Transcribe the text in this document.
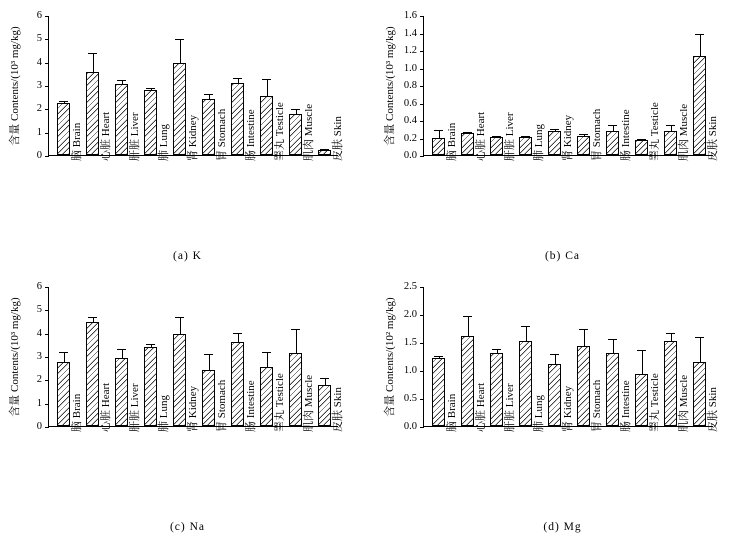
含量 Contents/(10³ mg/kg)
0
1
2
3
4
5
6
脑 Brain 心脏 Heart 肝脏 Liver 肺 Lung 肾 Kidney 胃 Stomach 肠 Intestine 睾丸 Testicle 肌肉 Muscle 皮肤 Skin
(a) K
含量 Contents/(10³ mg/kg)
0.0
0.2
0.4
0.6
0.8
1.0
1.2
1.4
1.6
脑 Brain 心脏 Heart 肝脏 Liver 肺 Lung 肾 Kidney 胃 Stomach 肠 Intestine 睾丸 Testicle 肌肉 Muscle 皮肤 Skin
(b) Ca
含量 Contents/(10³ mg/kg)
0
1
2
3
4
5
6
脑 Brain 心脏 Heart 肝脏 Liver 肺 Lung 肾 Kidney 胃 Stomach 肠 Intestine 睾丸 Testicle 肌肉 Muscle 皮肤 Skin
(c) Na
含量 Contents/(10² mg/kg)
0.0
0.5
1.0
1.5
2.0
2.5
脑 Brain 心脏 Heart 肝脏 Liver 肺 Lung 肾 Kidney 胃 Stomach 肠 Intestine 睾丸 Testicle 肌肉 Muscle 皮肤 Skin
(d) Mg
